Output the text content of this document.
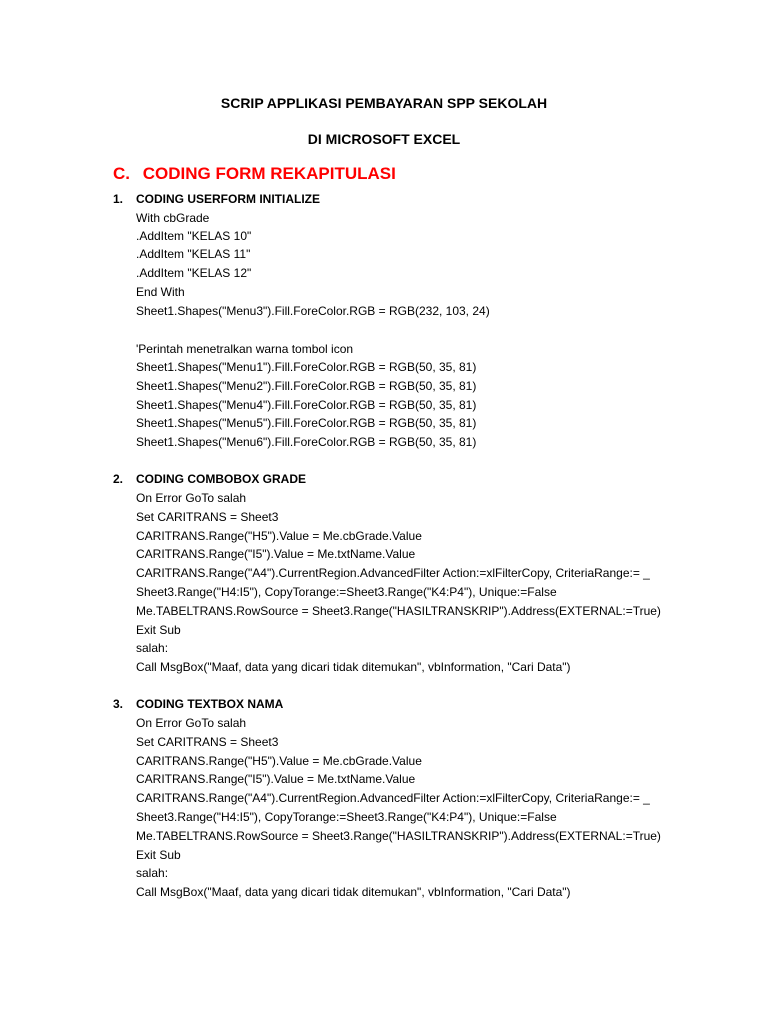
SCRIP APPLIKASI PEMBAYARAN SPP SEKOLAH
DI MICROSOFT EXCEL
C. CODING FORM REKAPITULASI
1. CODING USERFORM INITIALIZE
With cbGrade
.AddItem "KELAS 10"
.AddItem "KELAS 11"
.AddItem "KELAS 12"
End With
Sheet1.Shapes("Menu3").Fill.ForeColor.RGB = RGB(232, 103, 24)
'Perintah menetralkan warna tombol icon
Sheet1.Shapes("Menu1").Fill.ForeColor.RGB = RGB(50, 35, 81)
Sheet1.Shapes("Menu2").Fill.ForeColor.RGB = RGB(50, 35, 81)
Sheet1.Shapes("Menu4").Fill.ForeColor.RGB = RGB(50, 35, 81)
Sheet1.Shapes("Menu5").Fill.ForeColor.RGB = RGB(50, 35, 81)
Sheet1.Shapes("Menu6").Fill.ForeColor.RGB = RGB(50, 35, 81)
2. CODING COMBOBOX GRADE
On Error GoTo salah
Set CARITRANS = Sheet3
CARITRANS.Range("H5").Value = Me.cbGrade.Value
CARITRANS.Range("I5").Value = Me.txtName.Value
CARITRANS.Range("A4").CurrentRegion.AdvancedFilter Action:=xlFilterCopy, CriteriaRange:= _
Sheet3.Range("H4:I5"), CopyTorange:=Sheet3.Range("K4:P4"), Unique:=False
Me.TABELTRANS.RowSource = Sheet3.Range("HASILTRANSKRIP").Address(EXTERNAL:=True)
Exit Sub
salah:
Call MsgBox("Maaf, data yang dicari tidak ditemukan", vbInformation, "Cari Data")
3. CODING TEXTBOX NAMA
On Error GoTo salah
Set CARITRANS = Sheet3
CARITRANS.Range("H5").Value = Me.cbGrade.Value
CARITRANS.Range("I5").Value = Me.txtName.Value
CARITRANS.Range("A4").CurrentRegion.AdvancedFilter Action:=xlFilterCopy, CriteriaRange:= _
Sheet3.Range("H4:I5"), CopyTorange:=Sheet3.Range("K4:P4"), Unique:=False
Me.TABELTRANS.RowSource = Sheet3.Range("HASILTRANSKRIP").Address(EXTERNAL:=True)
Exit Sub
salah:
Call MsgBox("Maaf, data yang dicari tidak ditemukan", vbInformation, "Cari Data")
